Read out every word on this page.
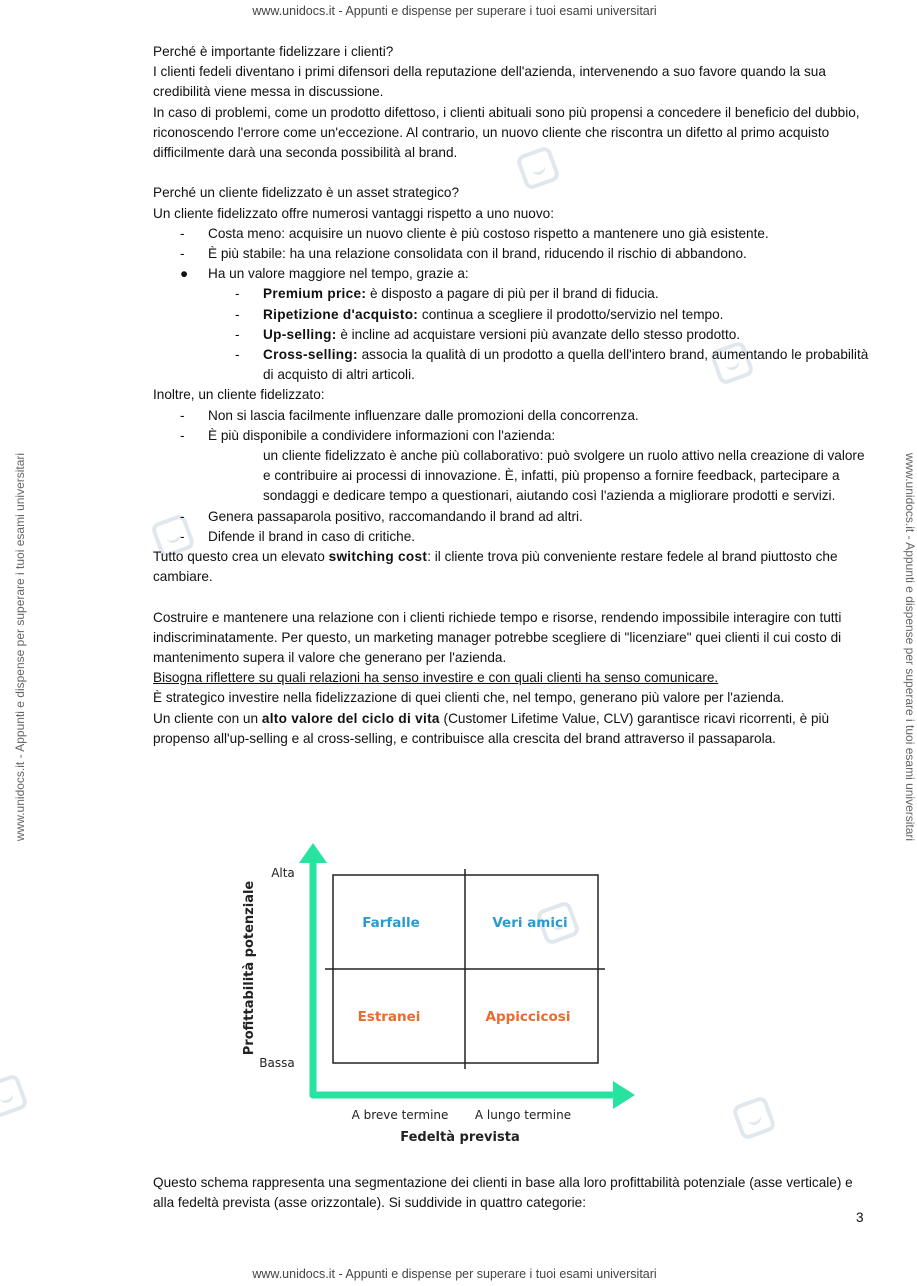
www.unidocs.it - Appunti e dispense per superare i tuoi esami universitari
www.unidocs.it - Appunti e dispense per superare i tuoi esami universitari
www.unidocs.it - Appunti e dispense per superare i tuoi esami universitari	www.unidocs.it - Appunti e dispense per superare i tuoi esami universitari

Perché è importante fidelizzare i clienti?

I clienti fedeli diventano i primi difensori della reputazione dell'azienda, intervenendo a suo favore quando la sua credibilità viene messa in discussione.

In caso di problemi, come un prodotto difettoso, i clienti abituali sono più propensi a concedere il beneficio del dubbio, riconoscendo l'errore come un'eccezione. Al contrario, un nuovo cliente che riscontra un difetto al primo acquisto difficilmente darà una seconda possibilità al brand.

Perché un cliente fidelizzato è un asset strategico?

Un cliente fidelizzato offre numerosi vantaggi rispetto a uno nuovo:

- Costa meno: acquisire un nuovo cliente è più costoso rispetto a mantenere uno già esistente.
- È più stabile: ha una relazione consolidata con il brand, riducendo il rischio di abbandono.
● Ha un valore maggiore nel tempo, grazie a:
- Premium price: è disposto a pagare di più per il brand di fiducia.
- Ripetizione d'acquisto: continua a scegliere il prodotto/servizio nel tempo.
- Up-selling: è incline ad acquistare versioni più avanzate dello stesso prodotto.
- Cross-selling: associa la qualità di un prodotto a quella dell'intero brand, aumentando le probabilità di acquisto di altri articoli.

Inoltre, un cliente fidelizzato:

- Non si lascia facilmente influenzare dalle promozioni della concorrenza.
- È più disponibile a condividere informazioni con l'azienda:

un cliente fidelizzato è anche più collaborativo: può svolgere un ruolo attivo nella creazione di valore e contribuire ai processi di innovazione. È, infatti, più propenso a fornire feedback, partecipare a sondaggi e dedicare tempo a questionari, aiutando così l'azienda a migliorare prodotti e servizi.

- Genera passaparola positivo, raccomandando il brand ad altri.
- Difende il brand in caso di critiche.

Tutto questo crea un elevato switching cost: il cliente trova più conveniente restare fedele al brand piuttosto che cambiare.

Costruire e mantenere una relazione con i clienti richiede tempo e risorse, rendendo impossibile interagire con tutti indiscriminatamente. Per questo, un marketing manager potrebbe scegliere di "licenziare" quei clienti il cui costo di mantenimento supera il valore che generano per l'azienda.

Bisogna riflettere su quali relazioni ha senso investire e con quali clienti ha senso comunicare.

È strategico investire nella fidelizzazione di quei clienti che, nel tempo, generano più valore per l'azienda.

Un cliente con un alto valore del ciclo di vita (Customer Lifetime Value, CLV) garantisce ricavi ricorrenti, è più propenso all'up-selling e al cross-selling, e contribuisce alla crescita del brand attraverso il passaparola.

Profittabilità potenziale
Alta
Bassa
A breve termine A lungo termine
Fedeltà prevista
Farfalle	Veri amici
Estranei	Appiccicosi

Questo schema rappresenta una segmentazione dei clienti in base alla loro profittabilità potenziale (asse verticale) e alla fedeltà prevista (asse orizzontale). Si suddivide in quattro categorie:

3
